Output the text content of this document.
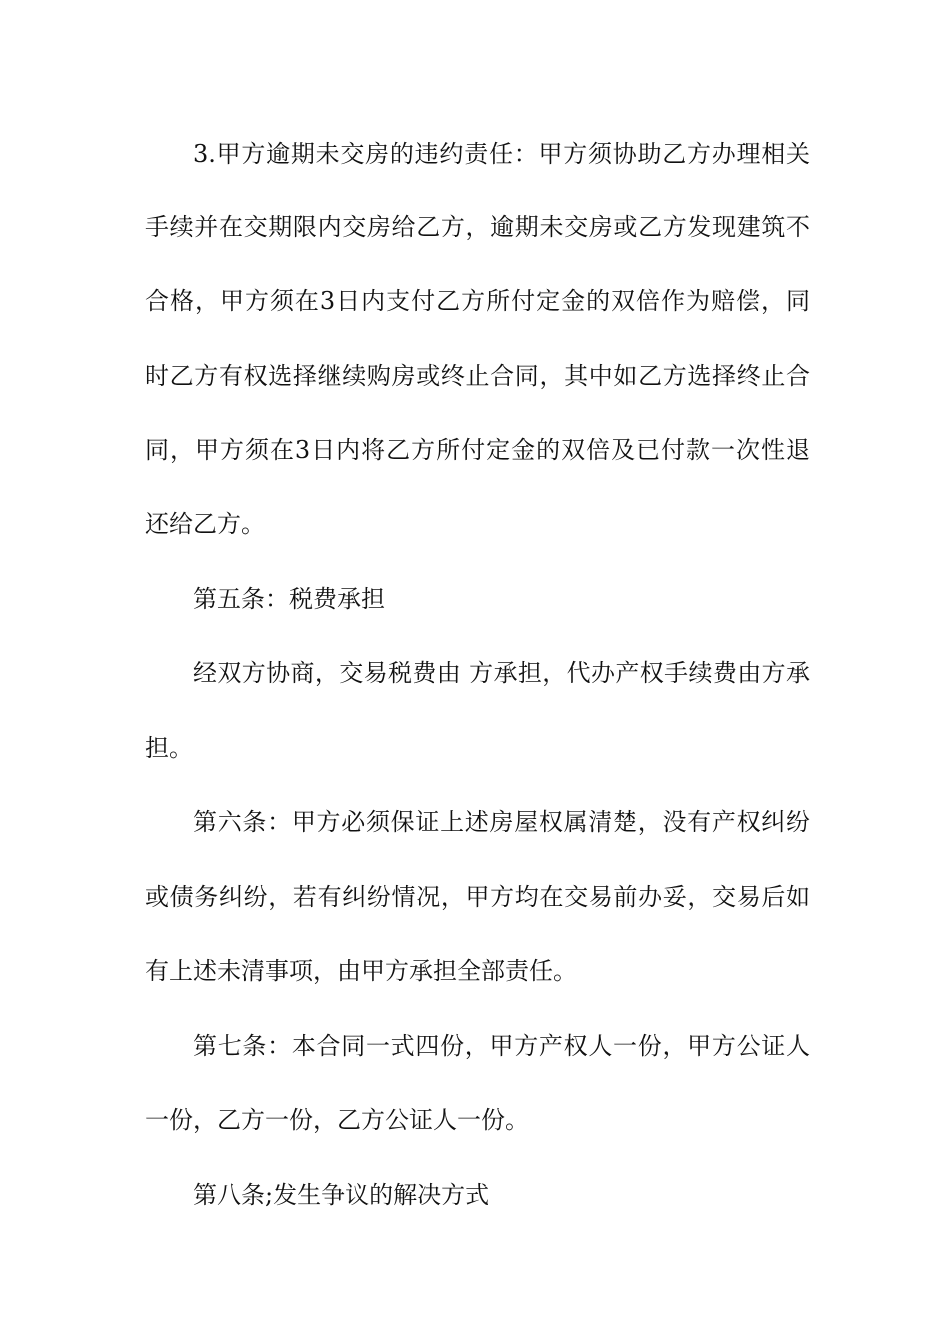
3.甲方逾期未交房的违约责任：甲方须协助乙方办理相关
手续并在交期限内交房给乙方，逾期未交房或乙方发现建筑不
合格，甲方须在3日内支付乙方所付定金的双倍作为赔偿，同
时乙方有权选择继续购房或终止合同，其中如乙方选择终止合
同，甲方须在3日内将乙方所付定金的双倍及已付款一次性退
还给乙方。
第五条：税费承担
经双方协商，交易税费由 方承担，代办产权手续费由方承
担。
第六条：甲方必须保证上述房屋权属清楚，没有产权纠纷
或债务纠纷，若有纠纷情况，甲方均在交易前办妥，交易后如
有上述未清事项，由甲方承担全部责任。
第七条：本合同一式四份，甲方产权人一份，甲方公证人
一份，乙方一份，乙方公证人一份。
第八条;发生争议的解决方式
